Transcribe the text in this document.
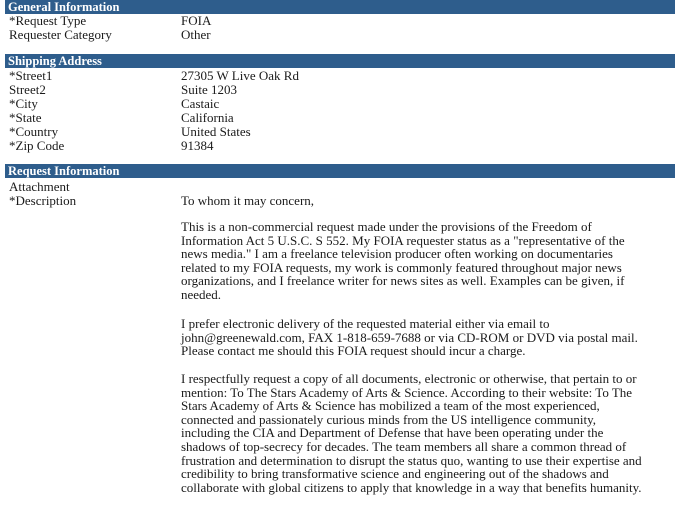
General Information
*Request Type	FOIA
Requester Category	Other
Shipping Address
*Street1	27305 W Live Oak Rd
Street2	Suite 1203
*City	Castaic
*State	California
*Country	United States
*Zip Code	91384
Request Information
Attachment
*Description	To whom it may concern,
This is a non-commercial request made under the provisions of the Freedom of
Information Act 5 U.S.C. S 552. My FOIA requester status as a "representative of the
news media." I am a freelance television producer often working on documentaries
related to my FOIA requests, my work is commonly featured throughout major news
organizations, and I freelance writer for news sites as well. Examples can be given, if
needed.
I prefer electronic delivery of the requested material either via email to
john@greenewald.com, FAX 1-818-659-7688 or via CD-ROM or DVD via postal mail.
Please contact me should this FOIA request should incur a charge.
I respectfully request a copy of all documents, electronic or otherwise, that pertain to or
mention: To The Stars Academy of Arts & Science. According to their website: To The
Stars Academy of Arts & Science has mobilized a team of the most experienced,
connected and passionately curious minds from the US intelligence community,
including the CIA and Department of Defense that have been operating under the
shadows of top-secrecy for decades. The team members all share a common thread of
frustration and determination to disrupt the status quo, wanting to use their expertise and
credibility to bring transformative science and engineering out of the shadows and
collaborate with global citizens to apply that knowledge in a way that benefits humanity.
